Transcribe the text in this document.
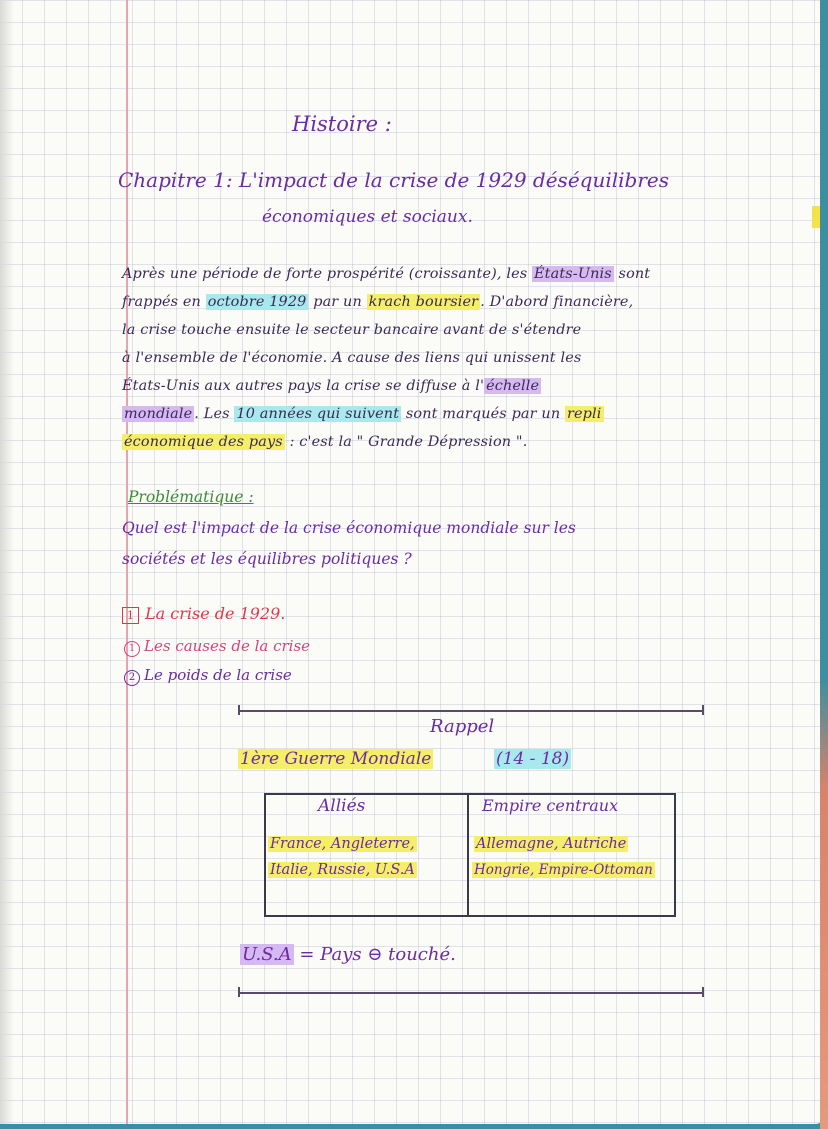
Histoire :
Chapitre 1: L'impact de la crise de 1929 déséquilibres
économiques et sociaux.
Après une période de forte prospérité (croissante), les États-Unis sont
frappés en octobre 1929 par un krach boursier . D'abord financière,
la crise touche ensuite le secteur bancaire avant de s'étendre
à l'ensemble de l'économie. A cause des liens qui unissent les
États-Unis aux autres pays la crise se diffuse à l' échelle
mondiale . Les 10 années qui suivent sont marqués par un repli
économique des pays : c'est la " Grande Dépression ".
Problématique :
Quel est l'impact de la crise économique mondiale sur les
sociétés et les équilibres politiques ?
1 La crise de 1929.
1 Les causes de la crise
2 Le poids de la crise
Rappel
1ère Guerre Mondiale	(14 - 18)
Alliés	Empire centraux
France, Angleterre,
Italie, Russie, U.S.A
Allemagne, Autriche
Hongrie, Empire-Ottoman
U.S.A = Pays ⊖ touché.
